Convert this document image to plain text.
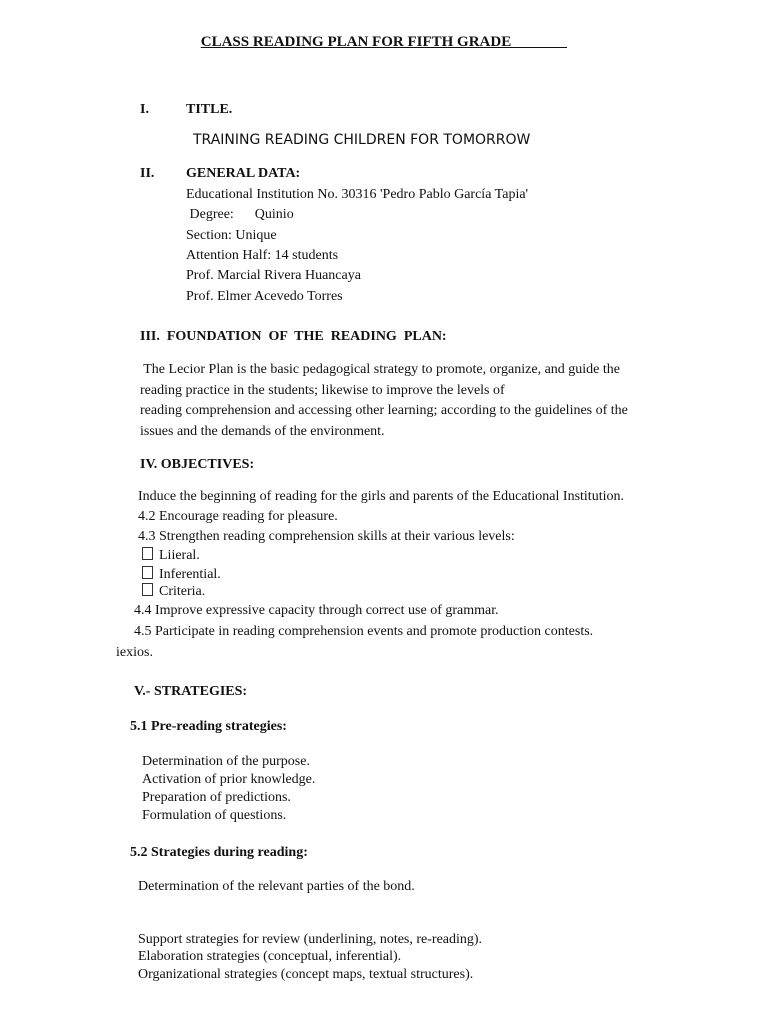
CLASS READING PLAN FOR FIFTH GRADE
I.	TITLE.
TRAINING READING CHILDREN FOR TOMORROW
II. GENERAL DATA:
Educational Institution No. 30316 'Pedro Pablo García Tapia'
Degree:      Quinio
Section: Unique
Attention Half: 14 students
Prof. Marcial Rivera Huancaya
Prof. Elmer Acevedo Torres
III.  FOUNDATION  OF  THE  READING  PLAN:
The Lecior Plan is the basic pedagogical strategy to promote, organize, and guide the
reading practice in the students; likewise to improve the levels of
reading comprehension and accessing other learning; according to the guidelines of the
issues and the demands of the environment.
IV. OBJECTIVES:
Induce the beginning of reading for the girls and parents of the Educational Institution.
4.2 Encourage reading for pleasure.
4.3 Strengthen reading comprehension skills at their various levels:
Liieral.
Inferential.
Criteria.
4.4 Improve expressive capacity through correct use of grammar.
4.5 Participate in reading comprehension events and promote production contests.
iexios.
V.- STRATEGIES:
5.1 Pre-reading strategies:
Determination of the purpose.
Activation of prior knowledge.
Preparation of predictions.
Formulation of questions.
5.2 Strategies during reading:
Determination of the relevant parties of the bond.
Support strategies for review (underlining, notes, re-reading).
Elaboration strategies (conceptual, inferential).
Organizational strategies (concept maps, textual structures).
